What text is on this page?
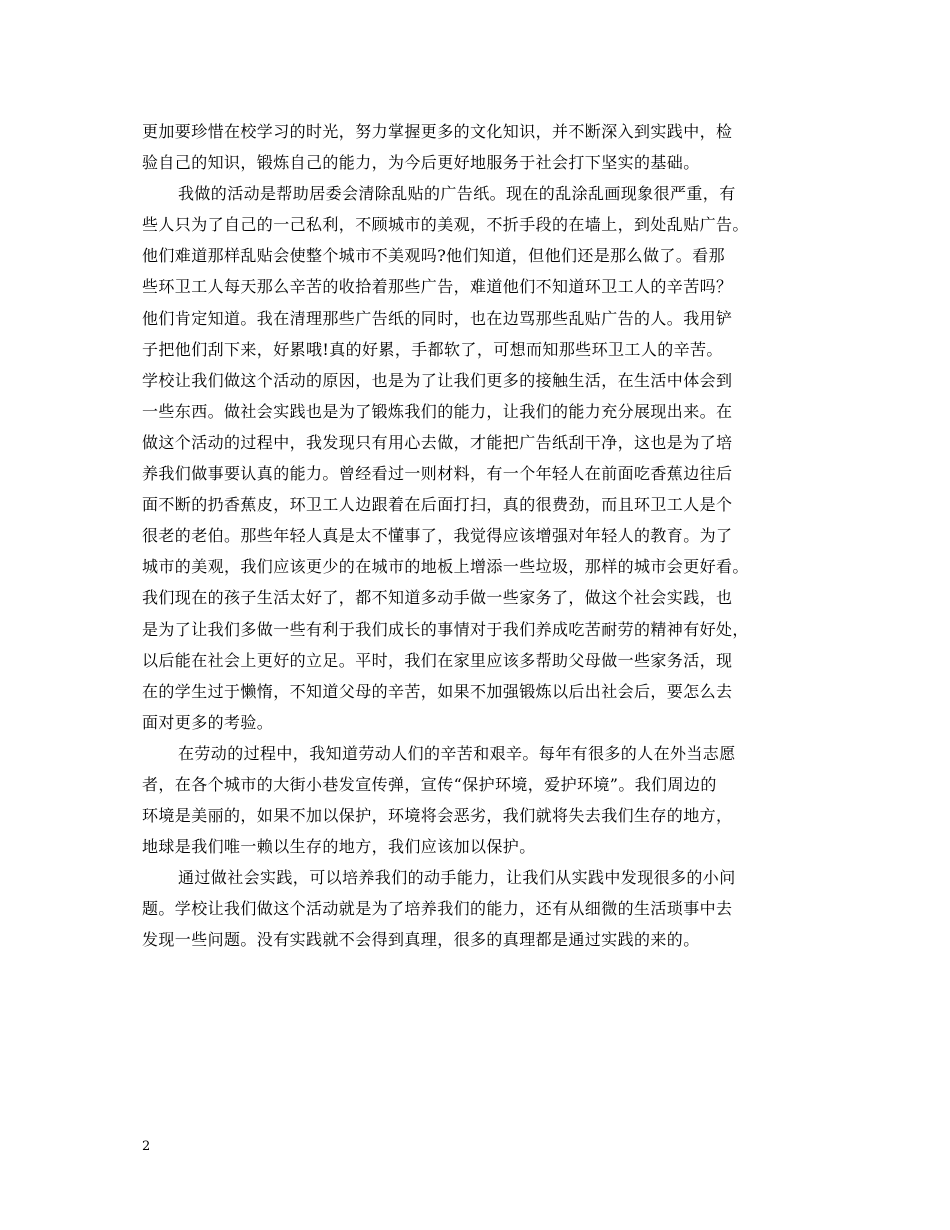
更加要珍惜在校学习的时光，努力掌握更多的文化知识，并不断深入到实践中，检
验自己的知识，锻炼自己的能力，为今后更好地服务于社会打下坚实的基础。
我做的活动是帮助居委会清除乱贴的广告纸。现在的乱涂乱画现象很严重，有
些人只为了自己的一己私利，不顾城市的美观，不折手段的在墙上，到处乱贴广告。
他们难道那样乱贴会使整个城市不美观吗?他们知道，但他们还是那么做了。看那
些环卫工人每天那么辛苦的收拾着那些广告，难道他们不知道环卫工人的辛苦吗？
他们肯定知道。我在清理那些广告纸的同时，也在边骂那些乱贴广告的人。我用铲
子把他们刮下来，好累哦!真的好累，手都软了，可想而知那些环卫工人的辛苦。
学校让我们做这个活动的原因，也是为了让我们更多的接触生活，在生活中体会到
一些东西。做社会实践也是为了锻炼我们的能力，让我们的能力充分展现出来。在
做这个活动的过程中，我发现只有用心去做，才能把广告纸刮干净，这也是为了培
养我们做事要认真的能力。曾经看过一则材料，有一个年轻人在前面吃香蕉边往后
面不断的扔香蕉皮，环卫工人边跟着在后面打扫，真的很费劲，而且环卫工人是个
很老的老伯。那些年轻人真是太不懂事了，我觉得应该增强对年轻人的教育。为了
城市的美观，我们应该更少的在城市的地板上增添一些垃圾，那样的城市会更好看。
我们现在的孩子生活太好了，都不知道多动手做一些家务了，做这个社会实践，也
是为了让我们多做一些有利于我们成长的事情对于我们养成吃苦耐劳的精神有好处，
以后能在社会上更好的立足。平时，我们在家里应该多帮助父母做一些家务活，现
在的学生过于懒惰，不知道父母的辛苦，如果不加强锻炼以后出社会后，要怎么去
面对更多的考验。
在劳动的过程中，我知道劳动人们的辛苦和艰辛。每年有很多的人在外当志愿
者，在各个城市的大街小巷发宣传弹，宣传“保护环境，爱护环境”。我们周边的
环境是美丽的，如果不加以保护，环境将会恶劣，我们就将失去我们生存的地方，
地球是我们唯一赖以生存的地方，我们应该加以保护。
通过做社会实践，可以培养我们的动手能力，让我们从实践中发现很多的小问
题。学校让我们做这个活动就是为了培养我们的能力，还有从细微的生活琐事中去
发现一些问题。没有实践就不会得到真理，很多的真理都是通过实践的来的。
2
